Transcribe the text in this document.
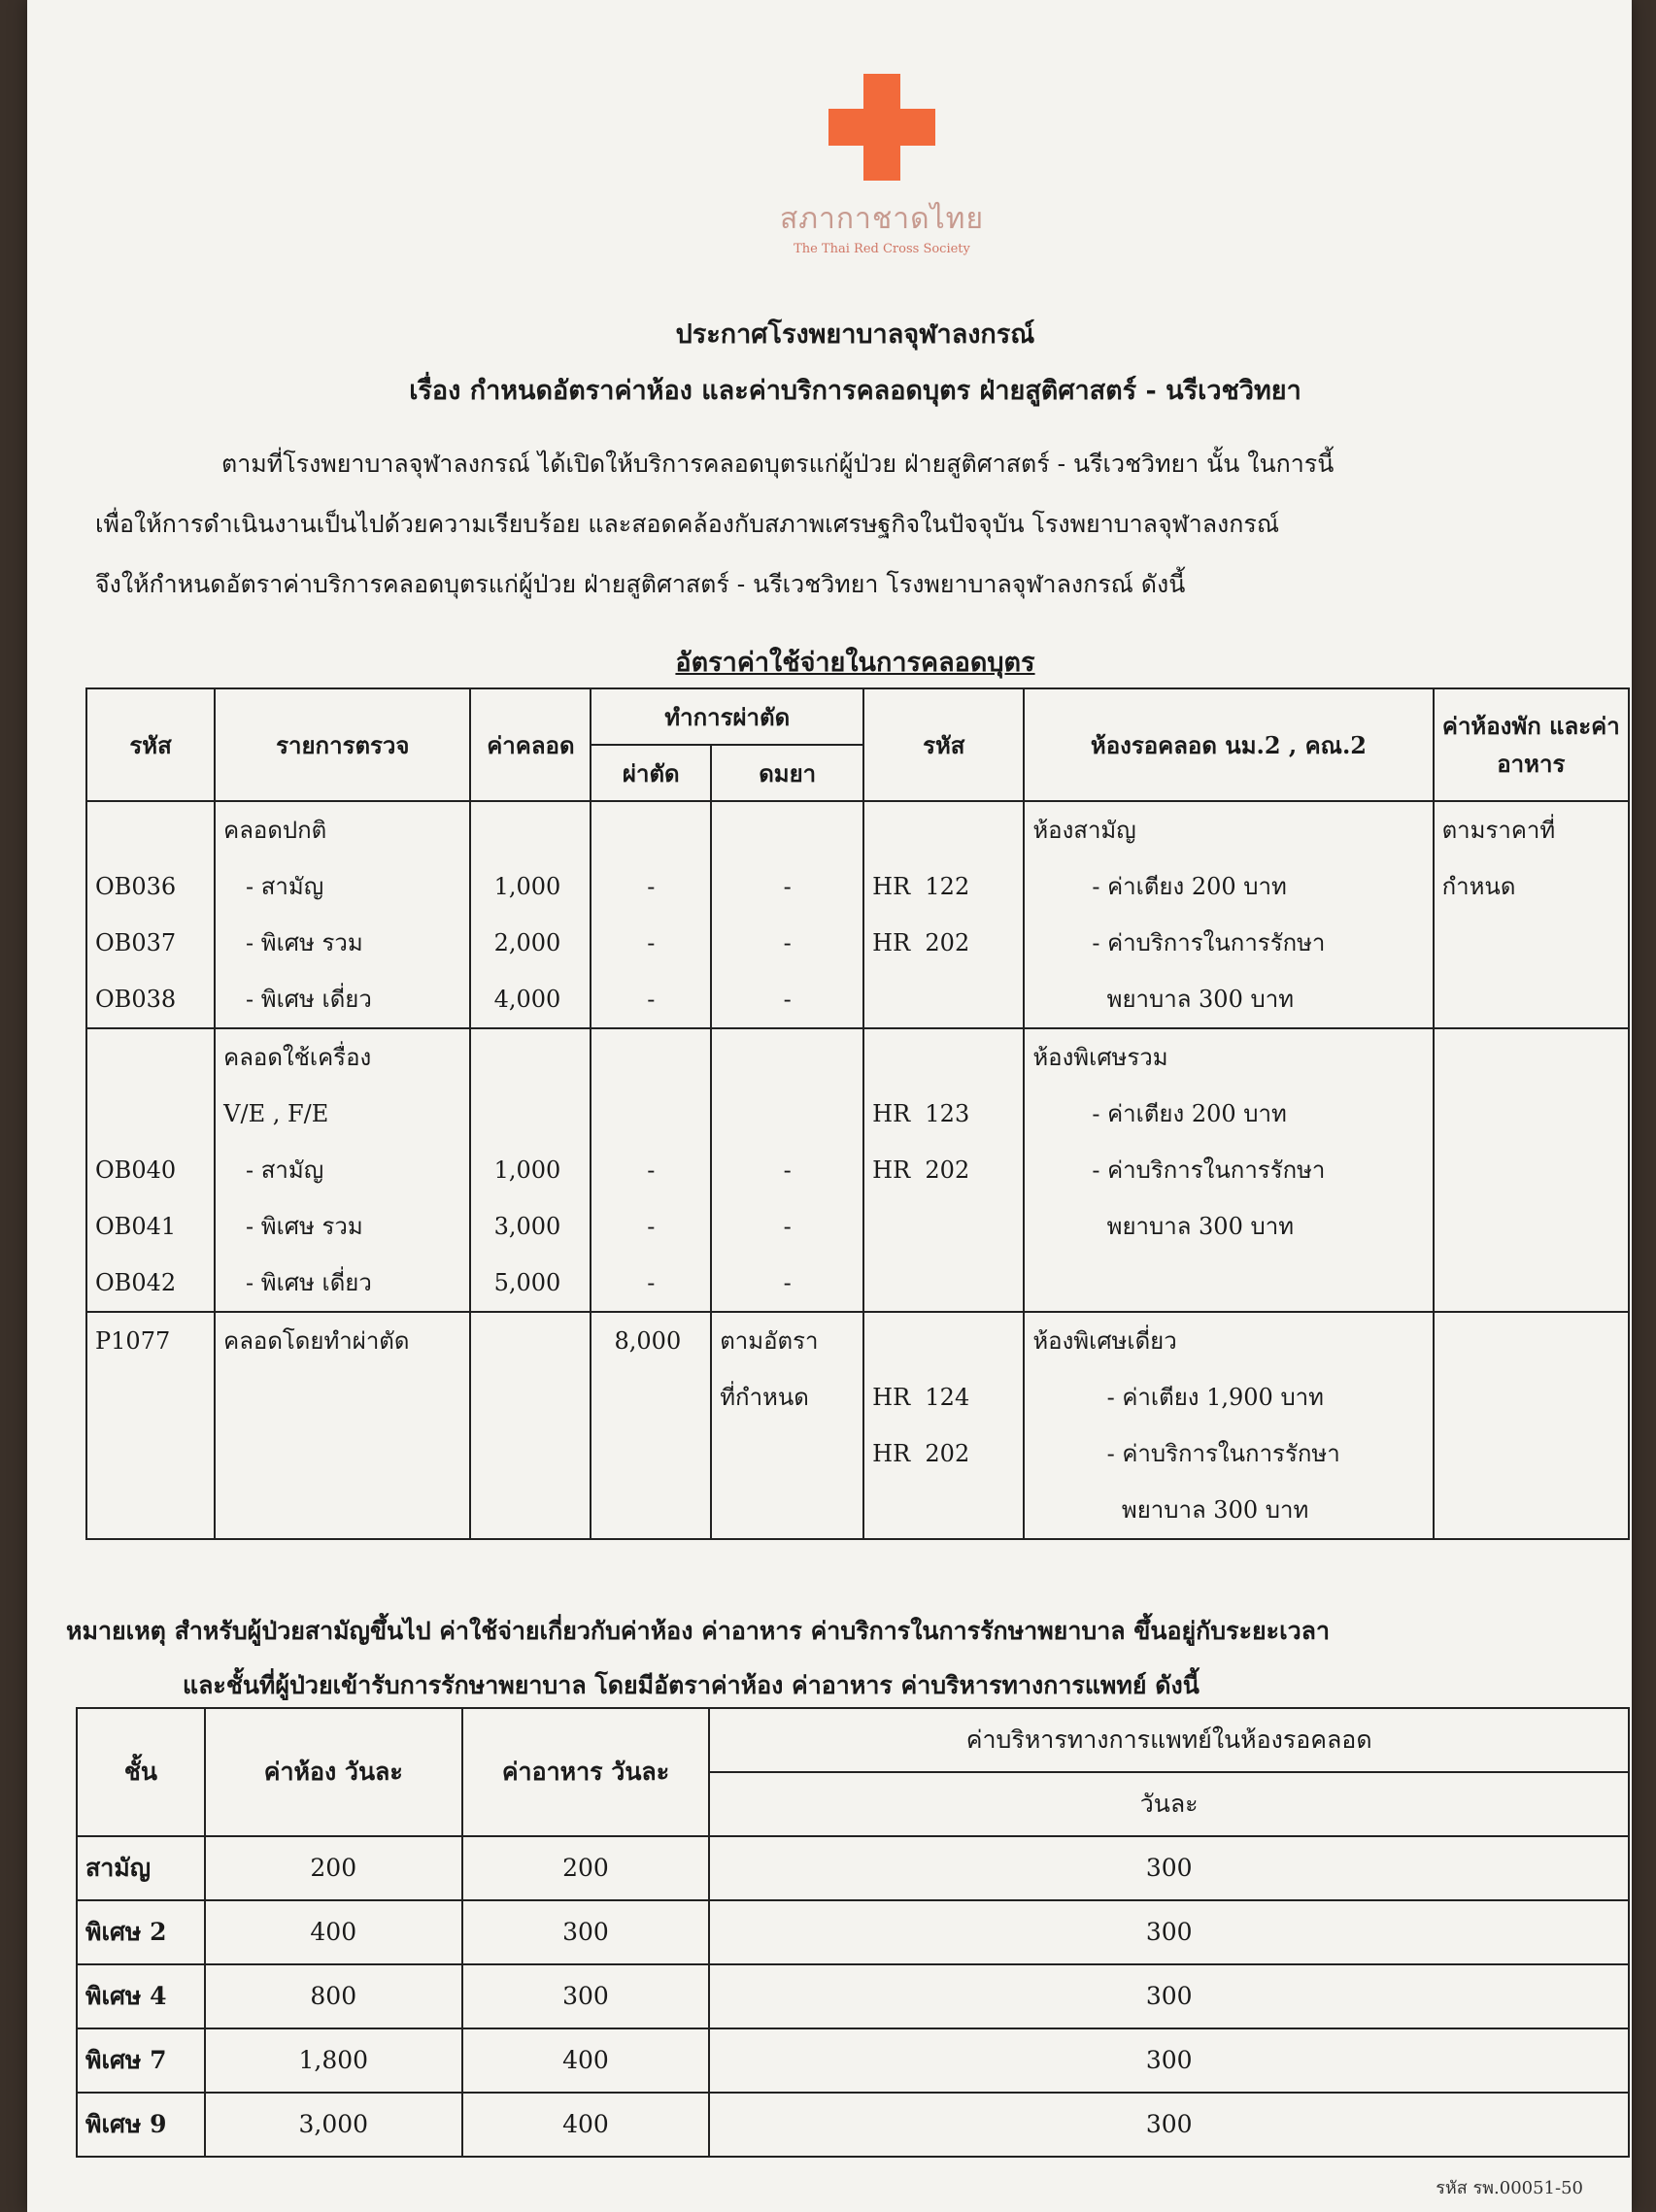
สภากาชาดไทย
The Thai Red Cross Society
ประกาศโรงพยาบาลจุฬาลงกรณ์
เรื่อง กำหนดอัตราค่าห้อง และค่าบริการคลอดบุตร ฝ่ายสูติศาสตร์ - นรีเวชวิทยา
ตามที่โรงพยาบาลจุฬาลงกรณ์ ได้เปิดให้บริการคลอดบุตรแก่ผู้ป่วย ฝ่ายสูติศาสตร์ - นรีเวชวิทยา นั้น ในการนี้
เพื่อให้การดำเนินงานเป็นไปด้วยความเรียบร้อย และสอดคล้องกับสภาพเศรษฐกิจในปัจจุบัน โรงพยาบาลจุฬาลงกรณ์
จึงให้กำหนดอัตราค่าบริการคลอดบุตรแก่ผู้ป่วย ฝ่ายสูติศาสตร์ - นรีเวชวิทยา โรงพยาบาลจุฬาลงกรณ์ ดังนี้
อัตราค่าใช้จ่ายในการคลอดบุตร
รหัส	รายการตรวจ	ค่าคลอด	ทำการผ่าตัด		รหัส	ห้องรอคลอด นม.2 , คณ.2	ค่าห้องพัก และค่าอาหาร
			ผ่าตัด	ดมยา			
	คลอดปกติ					ห้องสามัญ	ตามราคาที่
OB036	- สามัญ	1,000	-	-	HR  122	- ค่าเตียง 200 บาท	กำหนด
OB037	- พิเศษ รวม	2,000	-	-	HR  202	- ค่าบริการในการรักษา	
OB038	- พิเศษ เดี่ยว	4,000	-	-		พยาบาล 300 บาท	
	คลอดใช้เครื่อง					ห้องพิเศษรวม	
	V/E , F/E				HR  123	- ค่าเตียง 200 บาท	
OB040	- สามัญ	1,000	-	-	HR  202	- ค่าบริการในการรักษา	
OB041	- พิเศษ รวม	3,000	-	-		พยาบาล 300 บาท	
OB042	- พิเศษ เดี่ยว	5,000	-	-			
P1077	คลอดโดยทำผ่าตัด		8,000	ตามอัตรา		ห้องพิเศษเดี่ยว	
				ที่กำหนด	HR  124	- ค่าเตียง 1,900 บาท	
					HR  202	- ค่าบริการในการรักษา	
						พยาบาล 300 บาท	
หมายเหตุ สำหรับผู้ป่วยสามัญขึ้นไป ค่าใช้จ่ายเกี่ยวกับค่าห้อง ค่าอาหาร ค่าบริการในการรักษาพยาบาล ขึ้นอยู่กับระยะเวลา
และชั้นที่ผู้ป่วยเข้ารับการรักษาพยาบาล โดยมีอัตราค่าห้อง ค่าอาหาร ค่าบริหารทางการแพทย์ ดังนี้
ชั้น	ค่าห้อง วันละ	ค่าอาหาร วันละ	ค่าบริหารทางการแพทย์ในห้องรอคลอด
			วันละ
สามัญ	200	200	300
พิเศษ 2	400	300	300
พิเศษ 4	800	300	300
พิเศษ 7	1,800	400	300
พิเศษ 9	3,000	400	300
รหัส รพ.00051-50
